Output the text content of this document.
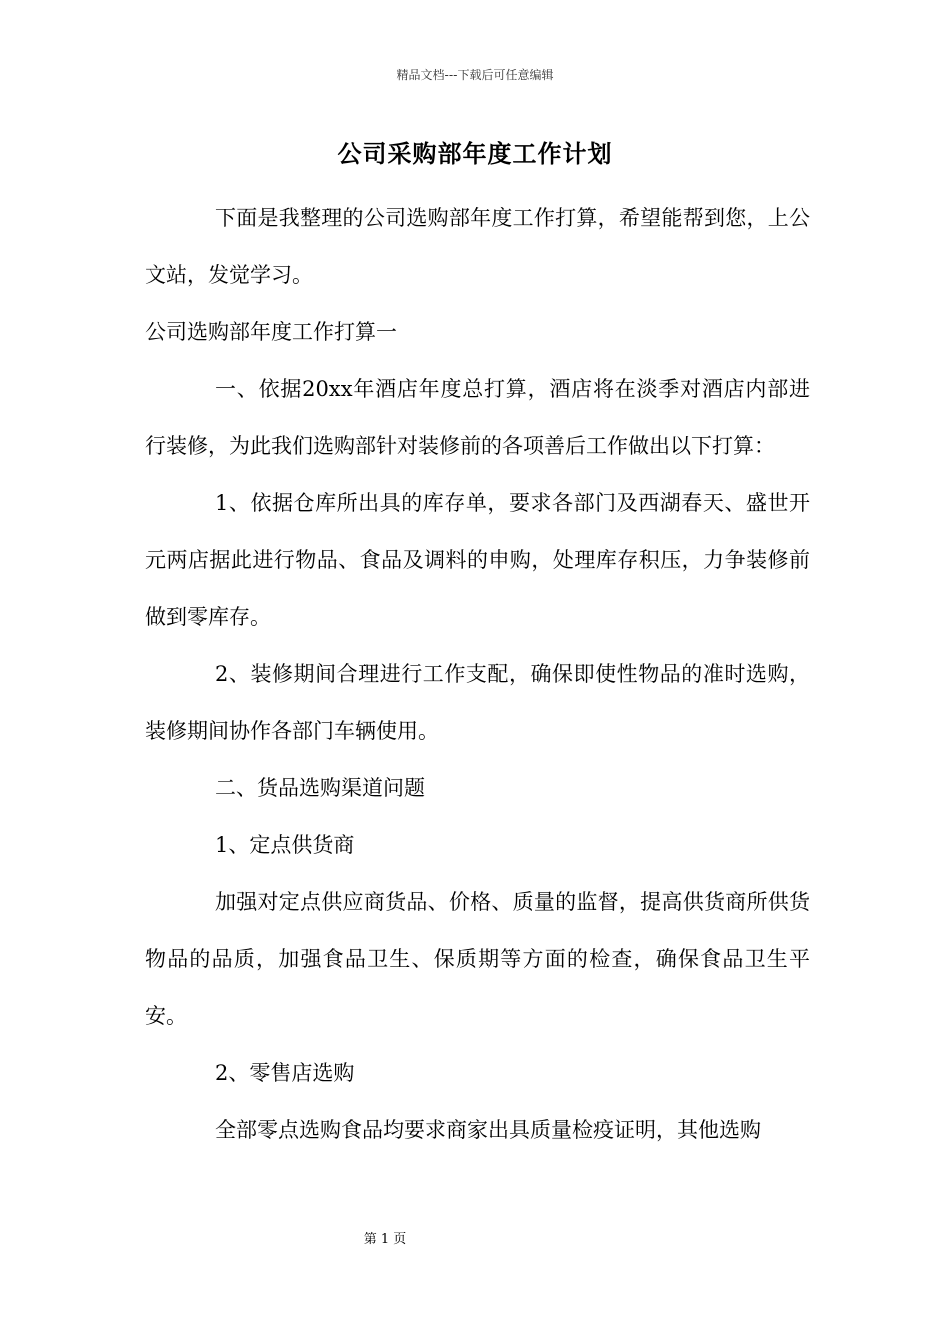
精品文档---下载后可任意编辑
公司采购部年度工作计划

下面是我整理的公司选购部年度工作打算，希望能帮到您，上公文站，发觉学习。

公司选购部年度工作打算一

一、依据20xx年酒店年度总打算，酒店将在淡季对酒店内部进行装修，为此我们选购部针对装修前的各项善后工作做出以下打算：

1、依据仓库所出具的库存单，要求各部门及西湖春天、盛世开元两店据此进行物品、食品及调料的申购，处理库存积压，力争装修前做到零库存。

2、装修期间合理进行工作支配，确保即使性物品的准时选购，装修期间协作各部门车辆使用。

二、货品选购渠道问题

1、定点供货商

加强对定点供应商货品、价格、质量的监督，提高供货商所供货物品的品质，加强食品卫生、保质期等方面的检查，确保食品卫生平安。

2、零售店选购

全部零点选购食品均要求商家出具质量检疫证明，其他选购

第 1 页
